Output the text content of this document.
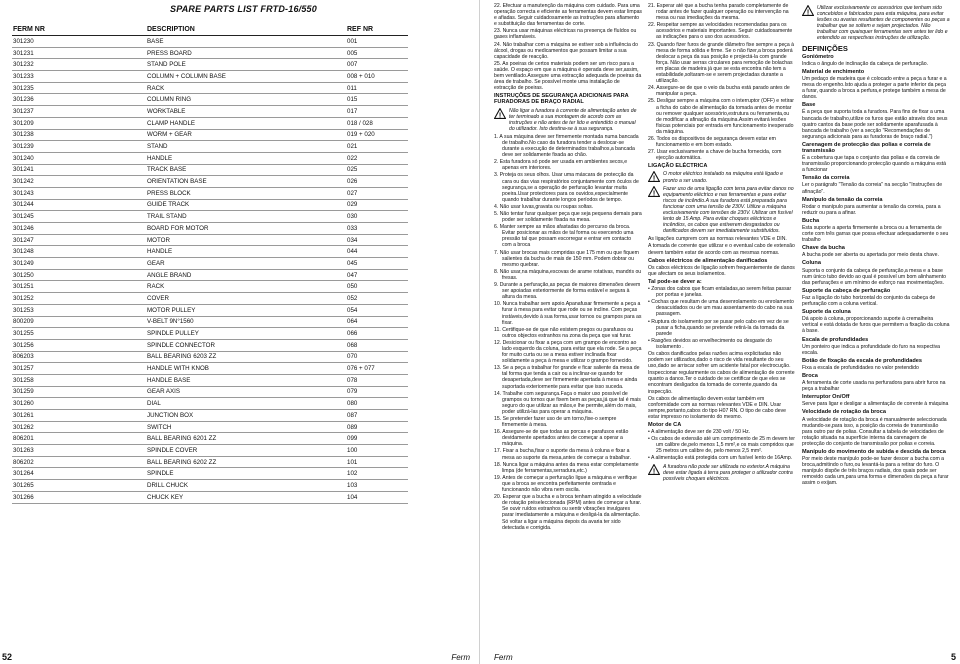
SPARE PARTS LIST FRTD-16/550
FERM NR	DESCRIPTION	REF NR
301230	BASE	001
301231	PRESS BOARD	005
301232	STAND POLE	007
301233	COLUMN + COLUMN BASE	008 + 010
301235	RACK	011
301236	COLUMN RING	015
301237	WORKTABLE	017
301209	CLAMP HANDLE	018 / 028
301238	WORM + GEAR	019 + 020
301239	STAND	021
301240	HANDLE	022
301241	TRACK BASE	025
301242	ORIENTATION BASE	026
301243	PRESS BLOCK	027
301244	GUIDE TRACK	029
301245	TRAIL STAND	030
301246	BOARD FOR MOTOR	033
301247	MOTOR	034
301248	HANDLE	044
301249	GEAR	045
301250	ANGLE BRAND	047
301251	RACK	050
301252	COVER	052
301253	MOTOR PULLEY	054
800209	V-BELT 9N°1560	064
301255	SPINDLE PULLEY	066
301256	SPINDLE CONNECTOR	068
806203	BALL BEARING 6203 ZZ	070
301257	HANDLE WITH KNOB	076 + 077
301258	HANDLE BASE	078
301259	GEAR AXIS	079
301260	DIAL	080
301261	JUNCTION BOX	087
301262	SWITCH	089
806201	BALL BEARING 6201 ZZ	099
301263	SPINDLE COVER	100
806202	BALL BEARING 6202 ZZ	101
301264	SPINDLE	102
301265	DRILL CHUCK	103
301266	CHUCK KEY	104
52	Ferm

22. Efectuar a manutenção da máquina com cuidado. Para uma operação correcta e eficiente as ferramentas devem estar limpas e afiadas. Seguir cuidadosamente as instruções para afiamento e substituição das ferramentas de corte.

23. Nunca usar máquinas eléctricas na presença de fluídos ou gases inflamáveis.

24. Não trabalhar com a máquina se estiver sob a influência do álcool, drogas ou medicamentos que possam limitar a sua capacidade de reacção.

25. As poeiras de certos materiais podem ser um risco para a saúde. O espaço em que a máquina é operada deve ser,assim, bem ventilado.Assegure uma extracção adequada de poeiras da área de trabalho. Se possível monte uma instalação de extracção de poeiras.

INSTRUÇÕES DE SEGURANÇA ADICIONAIS PARA FURADORAS DE BRAÇO RADIAL

!
Não ligar a furadora à corrente de alimentação antes de ter terminado a sua montagem de acordo com as instruções e não antes de ter lido e entendido o manual do utilizador. Isto destina-se à sua segurança.

1. A sua máquina deve ser firmemente montada numa bancada de trabalho.No caso da furadora tender a deslocar-se durante a execução de determinados trabalhos,a bancada deve ser solidamente fixada ao chão.

2. Esta furadora só pode ser usada em ambientes secos,e apenas em interiores.

3. Proteja os seus olhos. Usar uma máscara de protecção da cara ou das vias respiratórios conjuntamente com óculos de segurança,se a operação de perfuração levantar muita poeira.Usar protectores para os ouvidos,especialmente quando trabalhar durante longos períodos de tempo.

4. Não usar luvas,gravata ou roupas soltas.

5. Não tentar furar qualquer peça que seja pequena demais para poder ser solidamente fixada na mesa.

6. Manter sempre as mãos afastadas do percurso da broca. Evitar posicionar as mãos de tal forma ou exercendo uma pressão tal que possam escorregar e entrar em contacto com a broca

7. Não usar brocas mais compridas que 175 mm ou que fiquem salientes da bucha de mais de 150 mm. Podem dobrar ou mesmo quebrar.

8. Não usar,na máquina,escovas de arame rotativas, mandris ou fresas.

9. Durante a perfuração,as peças de maiores dimensões devem ser apoiadas exteriormente de forma estável e segura à altura da mesa.

10. Nunca trabalhar sem apoio.Apanafusar firmemente a peça a furar à mesa para evitar que rode ou se incline. Com peças instáveis,devido à sua forma,usar tornos ou grampos para as fixar.

11. Certifique-se de que não existem pregos ou parafusos ou outros objectos estranhos na zona da peça que vai furar.

12. Desicionar ou fixar a peça com um grampo de encontro ao lado esquerdo da coluna, para evitar que ela rode. Se a peça for muito curta ou se a mesa estiver inclinada fixar solidamente a peça à mesa e utilizar o grampo fornecido.

13. Se a peça a trabalhar for grande e ficar saliente da mesa de tal forma que tenda a cair ou a inclinar-se quando for desapertada,deve ser firmemente apertada à mesa e ainda suportada exteriormente para evitar que isso suceda.

14. Trabalhe com segurança.Faça o maior uso possível de grampos ou tornos que fixem bem as peças,já que tal é mais seguro do que utilizar as mãos,e lhe permite,além do mais, poder utilizá-las para operar a máquina.

15. Se pretender fazer uso de um torno,fixe-o sempre firmemente à mesa.

16. Assegure-se de que todas as porcas e parafusos estão devidamente apertados antes de começar a operar a máquina.

17. Fixar a bucha,fixar o suporte da mesa à coluna e fixar a mesa ao suporte da mesa,antes de começar a trabalhar.

18. Nunca ligar a máquina antes da mesa estar completamente limpa (de ferramentas,serradura,etc.)

19. Antes de começar a perfuração ligue a máquina e verifique que a broca se encontra perfeitamente centrada e funcionando não vibra nem oscila.

20. Esperar que a bucha e a broca tenham atingido a velocidade de rotação préseleccionada (RPM) antes de começar a furar. Se ouvir ruídos estranhos ou sentir vibrações invulgares parar imediatamente a máquina e desligá-la da alimentação. Só voltar a ligar a máquina depois da avaria ter sido detectada e corrigida.

21. Esperar até que a bucha tenha parado completamente de rodar antes de fazer qualquer operação ou intervenção na mesa ou nas imediações da mesma.

22. Respeitar sempre as velocidades recomendadas para os acessórios e materiais importantes. Seguir cuidadosamente as indicações para o uso dos acessórios.

23. Quando fizer furos de grande diâmetro fixe sempre a peça à mesa de forma sólida e firme. Se o não fizer,a broca poderá deslocar a peça da sua posição e projectá-la com grande força. Não usar serras circulares para remoção de bolachas em placas de madeira já que se esta encontra não tem a estabilidade,soltaram-se e serem projectadas durante a utilização.

24. Assegure-se de que o veio da bucha está parado antes de manipular a peça.

25. Desligar sempre a máquina com o interruptor (OFF) e retirar a ficha do cabo de alimentação da tomada antes de montar ou remover qualquer acessório,estrutura ou ferramenta,ou de modificar a afinação da máquina.Assim evitará lesões físicas potenciais por entrada em funcionamento inesperado da máquina.

26. Todos os dispositivos de segurança devem estar em funcionamento e em bom estado.

27. Usar exclusivamente a chave de bucha fornecida, com ejecção automática.

LIGAÇÃO ELÉCTRICA

!
O motor eléctrico instalado na máquina está ligado e pronto a ser usado.
!
Fazer uso de uma ligação com terra para evitar danos no equipamento eléctrico e nas ferramentas e para evitar riscos de incêndio.A sua furadora está preparada para funcionar com uma tensão de 230V. Utilize a máquina exclusivamente com tensões de 230V. Utilizar um fusível lento de 15 Amp. Para evitar choques eléctricos e incêndios, os cabos que estiverem desgastados ou danificados devem ser imediatamente substituídos.

As ligações cumprem com as normas relevantes VDE e DIN.

A tomada de corrente que utilizar e o eventual cabo de extensão devem também estar de acordo com as mesmas normas.

Cabos eléctricos de alimentação danificados

Os cabos eléctricos de ligação sofrem frequentemente de danos que afectam os seus isolamentos.

Tal pode-se dever a:

• Zonas dos cabos que ficam entaladas,ao serem feitas passar por portas e janelas.

• Cochas que resultam de uma desenrolamento ou enrolamento desacuidados ou de um mau assentamento do cabo na sua passagem.

• Ruptura do isolamento por se puxar pelo cabo em vez de se puxar a ficha,quando se pretende retirá-la da tomada da parede

• Rasgões devidos ao envelhecimento ou desgaste do isolamento .

Os cabos danificados pelas razões acima explicitadas não podem ser utilizados,dado o risco de vida resultante do seu uso,dado se arriscar sofrer um acidente fatal por electrocução.

Inspeccionar regularmente os cabos de alimentação de corrente quanto a danos.Ter o cuidado de se certificar de que eles se encontram desligados da tomada de corrente,quando da inspecção.

Os cabos de alimentação devem estar também em conformidade com as normas relevantes VDE e DIN. Usar sempre,portanto,cabos do tipo H07 RN. O tipo de cabo deve estar impresso no isolamento do mesmo.

Motor de CA

• A alimentação deve ser de 230 volt / 50 Hz.

• Os cabos de extensão até um comprimento de 25 m devem ter um calibre de,pelo menos 1,5 mm²,e os mais compridos que 25 metros um calibre de, pelo menos 2,5 mm².

• A alimentação está protegida com um fusível lento de 16Amp.

!
A furadora não pode ser utilizada no exterior.A máquina deve estar ligada à terra para proteger o utilizador contra possíveis choques eléctricos.
!
Utilizar exclusivamente os acessórios que tenham sido concebidos e fabricados para esta máquina, para evitar lesões ou avarias resultantes de componentes ou peças a trabalhar que se soltem e sejam projectados. Não trabalhar com quaisquer ferramentas sem antes ter lido e entendido as respectivas instruções de utilização.

DEFINIÇÕES

Goniómetro

Indica o ângulo de inclinação da cabeça de perfuração.

Material de enchimento

Um pedaço de madeira que é colocado entre a peça a furar e a mesa do engenho.Isto ajuda a proteger a parte inferior da peça a furar, quando a broca a perfura,e protege também a mesa de danos.

Base

É a peça que suporta toda a furadora. Para fins de fixar a uma bancada de trabalho,utilize os furos que estão através dos seus quatro cantos da base pode ser solidamente aparafusada à bancada de trabalho (ver a secção "Recomendações de segurança adicionais para as furadoras de braço radial.")

Carenagem de protecção das polias e correia de transmissão

É a cobertura que tapa o conjunto das polias e da correia de transmissão proporcionando protecção quando a máquina está a funcionar

Tensão da correia

Ler o parágrafo "Tensão da correia" na secção "Instruções de afinação".

Manípulo da tensão da correia

Rodar o manípulo para aumentar a tensão da correia, para a reduzir ou para a afinar.

Bucha

Esta suporte a aperta firmemente a broca ou a ferramenta de corte com três garras que possa efectuar adequadamente o seu trabalho

Chave da bucha

A bucha pode ser aberta ou apertada por meio desta chave.

Coluna

Suporta o conjunto da cabeça de perfuração,a mesa e a base num único tubo devido ao qual é possível um bom alinhamento das perfurações e um mínimo de esforço nas movimentações.

Suporte da cabeça de perfuração

Faz a ligação do tubo horizontal do conjunto da cabeça de perfuração com a coluna vertical.

Suporte da coluna

Dá apoio à coluna, proporcionando suporte à cremalheira vertical e está dotada de furos que permitem a fixação da coluna à base.

Escala de profundidades

Um ponteiro que indica a profundidade do furo na respectiva escala.

Botão de fixação da escala de profundidades

Fixa a escala de profundidades no valor pretendido

Broca

A ferramenta de corte usada na perfuradora para abrir furos na peça a trabalhar

Interruptor On/Off

Serve para ligar e desligar a alimentação de corrente à máquina

Velocidade de rotação da broca

A velocidade de rotação da broca é manualmente seleccionada mudando-se,para isso, a posição da correia de transmissão para outro par de polias. Consultar a tabela de velocidades de rotação situada na superfície interna da carenagem de protecção do conjunto de transmissão por polias e correia.

Manípulo do movimento de subida e descida da broca

Por meio deste manípulo pode-se fazer descer a bucha com a broca,admitindo o furo,ou levantá-la para a retirar do furo. O manípulo dispõe de três braços radiais, dos quais pode ser removido cada um,para uma forma e dimensões da peça a furar assim o exijam.

Ferm	5
